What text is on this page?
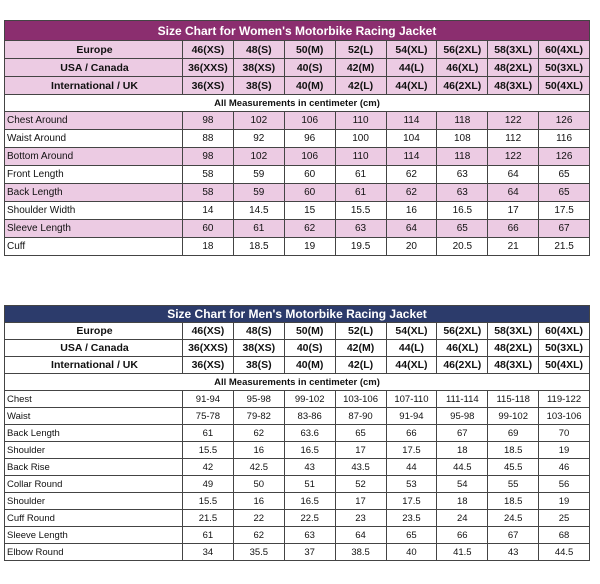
Size Chart for Women's Motorbike Racing Jacket								
Europe	46(XS)	48(S)	50(M)	52(L)	54(XL)	56(2XL)	58(3XL)	60(4XL)
USA / Canada	36(XXS)	38(XS)	40(S)	42(M)	44(L)	46(XL)	48(2XL)	50(3XL)
International / UK	36(XS)	38(S)	40(M)	42(L)	44(XL)	46(2XL)	48(3XL)	50(4XL)
All Measurements in centimeter (cm)								
Chest Around	98	102	106	110	114	118	122	126
Waist Around	88	92	96	100	104	108	112	116
Bottom Around	98	102	106	110	114	118	122	126
Front Length	58	59	60	61	62	63	64	65
Back Length	58	59	60	61	62	63	64	65
Shoulder Width	14	14.5	15	15.5	16	16.5	17	17.5
Sleeve Length	60	61	62	63	64	65	66	67
Cuff	18	18.5	19	19.5	20	20.5	21	21.5
Size Chart for Men's Motorbike Racing Jacket								
Europe	46(XS)	48(S)	50(M)	52(L)	54(XL)	56(2XL)	58(3XL)	60(4XL)
USA / Canada	36(XXS)	38(XS)	40(S)	42(M)	44(L)	46(XL)	48(2XL)	50(3XL)
International / UK	36(XS)	38(S)	40(M)	42(L)	44(XL)	46(2XL)	48(3XL)	50(4XL)
All Measurements in centimeter (cm)								
Chest	91-94	95-98	99-102	103-106	107-110	111-114	115-118	119-122
Waist	75-78	79-82	83-86	87-90	91-94	95-98	99-102	103-106
Back Length	61	62	63.6	65	66	67	69	70
Shoulder	15.5	16	16.5	17	17.5	18	18.5	19
Back Rise	42	42.5	43	43.5	44	44.5	45.5	46
Collar Round	49	50	51	52	53	54	55	56
Shoulder	15.5	16	16.5	17	17.5	18	18.5	19
Cuff Round	21.5	22	22.5	23	23.5	24	24.5	25
Sleeve Length	61	62	63	64	65	66	67	68
Elbow Round	34	35.5	37	38.5	40	41.5	43	44.5
